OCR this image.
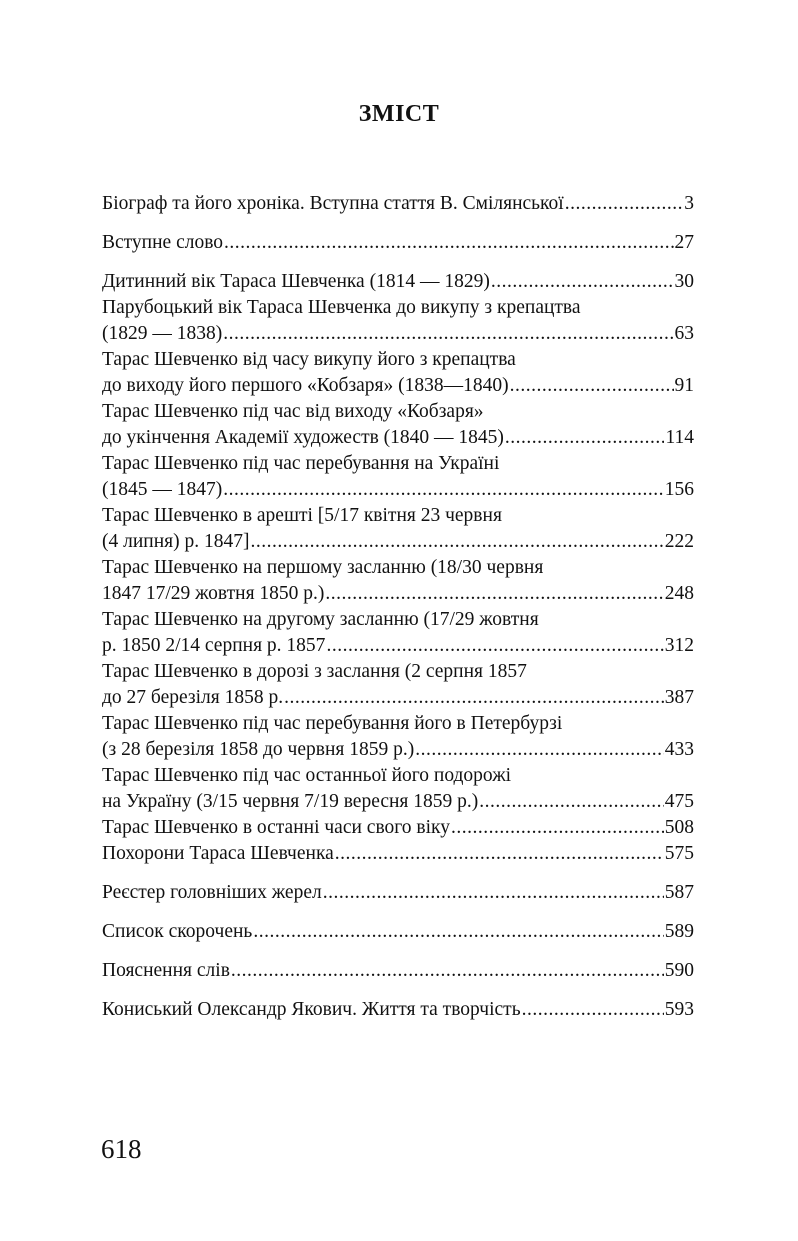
ЗМІСТ
Біограф та його хроніка. Вступна стаття В. Смілянської .....	3
Вступне слово .....	27
Дитинний вік Тараса Шевченка (1814 — 1829) .....	30
Парубоцький вік Тараса Шевченка до викупу з крепацтва
(1829 — 1838) .....	63
Тарас Шевченко від часу викупу його з крепацтва
до виходу його першого «Кобзаря» (1838—1840) .....	91
Тарас Шевченко під час від виходу «Кобзаря»
до укінчення Академії художеств (1840 — 1845) .....	114
Тарас Шевченко під час перебування на Україні
(1845 — 1847) .....	156
Тарас Шевченко в арешті [5/17 квітня 23 червня
(4 липня) р. 1847] .....	222
Тарас Шевченко на першому засланню (18/30 червня
1847 17/29 жовтня 1850 р.) .....	248
Тарас Шевченко на другому засланню (17/29 жовтня
р. 1850 2/14 серпня р. 1857 .....	312
Тарас Шевченко в дорозі з заслання (2 серпня 1857
до 27 березіля 1858 р. .....	387
Тарас Шевченко під час перебування його в Петербурзі
(з 28 березіля 1858 до червня 1859 р.) .....	433
Тарас Шевченко під час останньої його подорожі
на Україну (3/15 червня 7/19 вересня 1859 р.) .....	475
Тарас Шевченко в останні часи свого віку .....	508
Похорони Тараса Шевченка .....	575
Реєстер головніших жерел .....	587
Список скорочень .....	589
Пояснення слів .....	590
Кониський Олександр Якович. Життя та творчість .....	593
618
